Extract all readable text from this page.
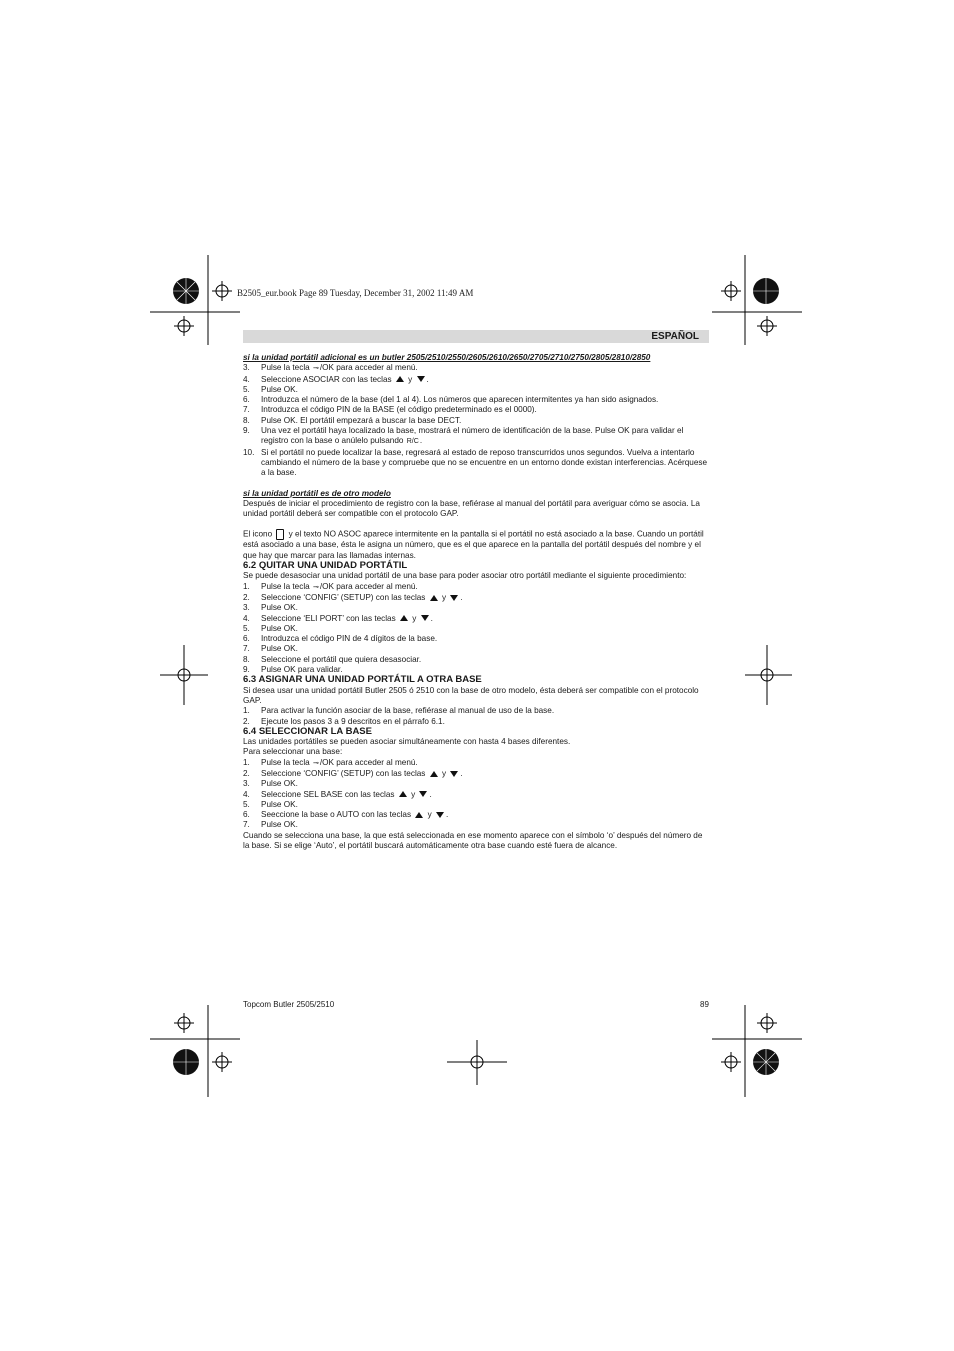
B2505_eur.book Page 89 Tuesday, December 31, 2002 11:49 AM
ESPAÑOL

si la unidad portátil adicional es un butler 2505/2510/2550/2605/2610/2650/2705/2710/2750/2805/2810/2850

3. Pulse la tecla ⊸/OK para acceder al menú.
4. Seleccione ASOCIAR con las teclas  y .
5. Pulse OK.
6. Introduzca el número de la base (del 1 al 4). Los números que aparecen intermitentes ya han sido asignados.
7. Introduzca el código PIN de la BASE (el código predeterminado es el 0000).
8. Pulse OK. El portátil empezará a buscar la base DECT.
9. Una vez el portátil haya localizado la base, mostrará el número de identificación de la base. Pulse OK para validar el registro con la base o anúlelo pulsando R/C.
10. Si el portátil no puede localizar la base, regresará al estado de reposo transcurridos unos segundos. Vuelva a intentarlo cambiando el número de la base y compruebe que no se encuentre en un entorno donde existan interferencias. Acérquese a la base.

si la unidad portátil es de otro modelo

Después de iniciar el procedimiento de registro con la base, refiérase al manual del portátil para averiguar cómo se asocia. La unidad portátil deberá ser compatible con el protocolo GAP.

El icono  y el texto NO ASOC aparece intermitente en la pantalla si el portátil no está asociado a la base. Cuando un portátil está asociado a una base, ésta le asigna un número, que es el que aparece en la pantalla del portátil después del nombre y el que hay que marcar para las llamadas internas.

6.2 QUITAR UNA UNIDAD PORTÁTIL

Se puede desasociar una unidad portátil de una base para poder asociar otro portátil mediante el siguiente procedimiento:

1. Pulse la tecla ⊸/OK para acceder al menú.
2. Seleccione ‘CONFIG’ (SETUP) con las teclas  y .
3. Pulse OK.
4. Seleccione ‘ELI PORT’ con las teclas  y .
5. Pulse OK.
6. Introduzca el código PIN de 4 dígitos de la base.
7. Pulse OK.
8. Seleccione el portátil que quiera desasociar.
9. Pulse OK para validar.

6.3 ASIGNAR UNA UNIDAD PORTÁTIL A OTRA BASE

Si desea usar una unidad portátil Butler 2505 ó 2510 con la base de otro modelo, ésta deberá ser compatible con el protocolo GAP.

1. Para activar la función asociar de la base, refiérase al manual de uso de la base.
2. Ejecute los pasos 3 a 9 descritos en el párrafo 6.1.

6.4 SELECCIONAR LA BASE

Las unidades portátiles se pueden asociar simultáneamente con hasta 4 bases diferentes.

Para seleccionar una base:

1. Pulse la tecla ⊸/OK para acceder al menú.
2. Seleccione ‘CONFIG’ (SETUP) con las teclas  y .
3. Pulse OK.
4. Seleccione SEL BASE con las teclas  y .
5. Pulse OK.
6. Seeccione la base o AUTO con las teclas  y .
7. Pulse OK.

Cuando se selecciona una base, la que está seleccionada en ese momento aparece con el símbolo ‘o’ después del número de la base. Si se elige ‘Auto’, el portátil buscará automáticamente otra base cuando esté fuera de alcance.

Topcom Butler 2505/2510	89
